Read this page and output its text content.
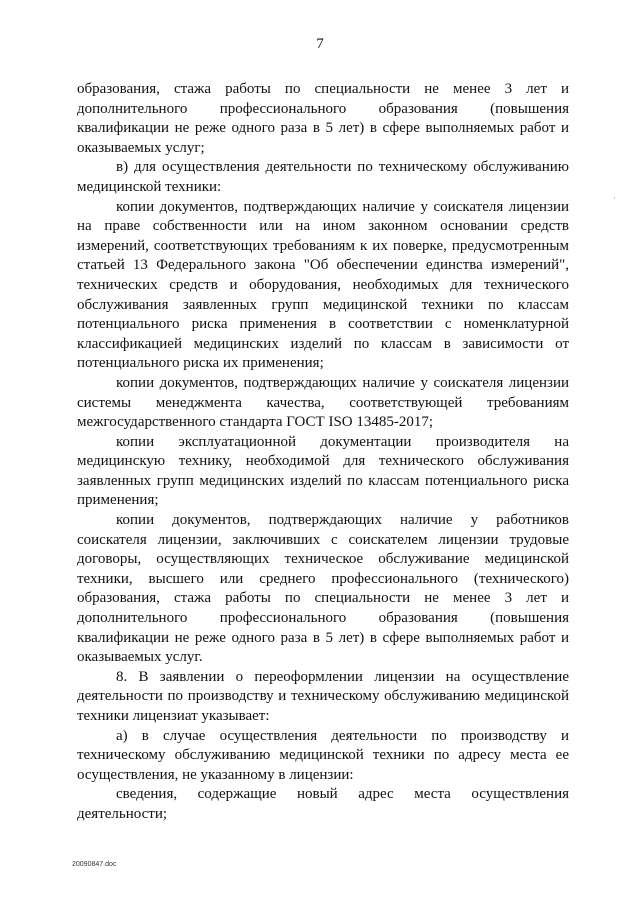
7

образования, стажа работы по специальности не менее 3 лет и дополнительного профессионального образования (повышения квалификации не реже одного раза в 5 лет) в сфере выполняемых работ и оказываемых услуг;

в) для осуществления деятельности по техническому обслуживанию медицинской техники:

копии документов, подтверждающих наличие у соискателя лицензии на праве собственности или на ином законном основании средств измерений, соответствующих требованиям к их поверке, предусмотренным статьей 13 Федерального закона "Об обеспечении единства измерений", технических средств и оборудования, необходимых для технического обслуживания заявленных групп медицинской техники по классам потенциального риска применения в соответствии с номенклатурной классификацией медицинских изделий по классам в зависимости от потенциального риска их применения;

копии документов, подтверждающих наличие у соискателя лицензии системы менеджмента качества, соответствующей требованиям межгосударственного стандарта ГОСТ ISO 13485-2017;

копии эксплуатационной документации производителя на медицинскую технику, необходимой для технического обслуживания заявленных групп медицинских изделий по классам потенциального риска применения;

копии документов, подтверждающих наличие у работников соискателя лицензии, заключивших с соискателем лицензии трудовые договоры, осуществляющих техническое обслуживание медицинской техники, высшего или среднего профессионального (технического) образования, стажа работы по специальности не менее 3 лет и дополнительного профессионального образования (повышения квалификации не реже одного раза в 5 лет) в сфере выполняемых работ и оказываемых услуг.

8. В заявлении о переоформлении лицензии на осуществление деятельности по производству и техническому обслуживанию медицинской техники лицензиат указывает:

а) в случае осуществления деятельности по производству и техническому обслуживанию медицинской техники по адресу места ее осуществления, не указанному в лицензии:

сведения, содержащие новый адрес места осуществления деятельности;

·
20090847.doc
